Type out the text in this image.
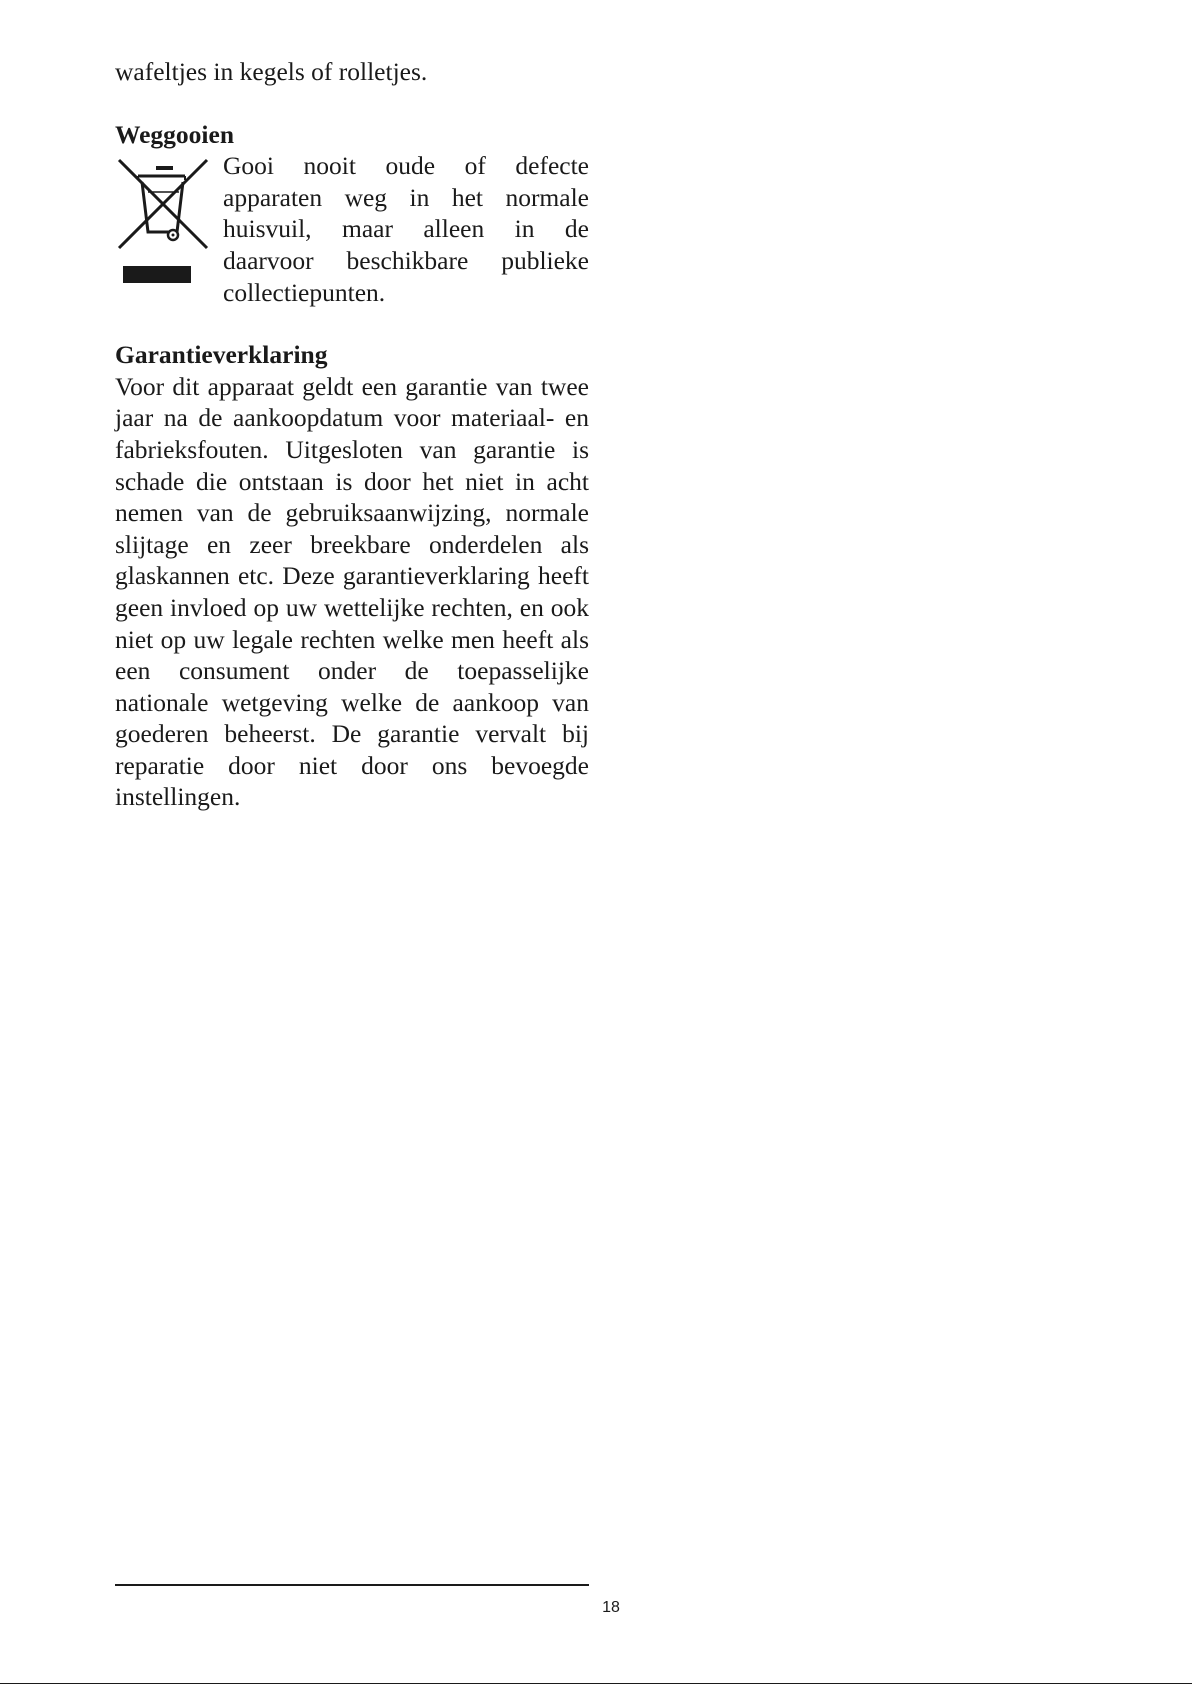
wafeltjes in kegels of rolletjes.

Weggooien

Gooi nooit oude of defecte apparaten weg in het normale huisvuil, maar alleen in de daarvoor beschikbare publieke collectiepunten.

Garantieverklaring

Voor dit apparaat geldt een garantie van twee jaar na de aankoopdatum voor materiaal- en fabrieksfouten. Uitgesloten van garantie is schade die ontstaan is door het niet in acht nemen van de gebruiksaanwijzing, normale slijtage en zeer breekbare onderdelen als glaskannen etc. Deze garantieverklaring heeft geen invloed op uw wettelijke rechten, en ook niet op uw legale rechten welke men heeft als een consument onder de toepasselijke nationale wetgeving welke de aankoop van goederen beheerst. De garantie vervalt bij reparatie door niet door ons bevoegde instellingen.

18
